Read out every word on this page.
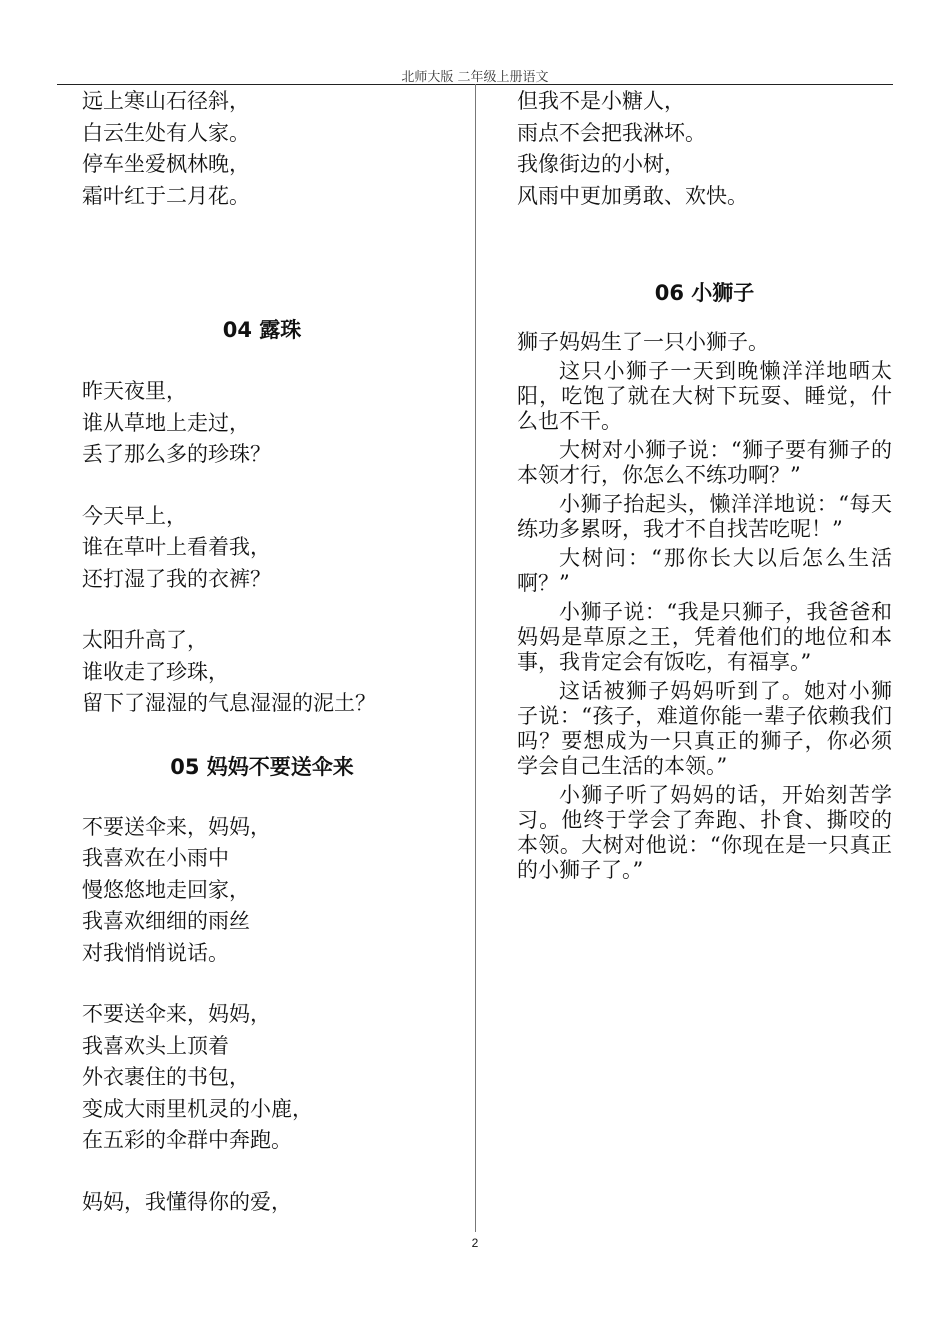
北师大版 二年级上册语文

远上寒山石径斜，

白云生处有人家。

停车坐爱枫林晚，

霜叶红于二月花。

04 露珠

昨天夜里，

谁从草地上走过，

丢了那么多的珍珠？

今天早上，

谁在草叶上看着我，

还打湿了我的衣裤？

太阳升高了，

谁收走了珍珠，

留下了湿湿的气息湿湿的泥土？

05 妈妈不要送伞来

不要送伞来，妈妈，

我喜欢在小雨中

慢悠悠地走回家，

我喜欢细细的雨丝

对我悄悄说话。

不要送伞来，妈妈，

我喜欢头上顶着

外衣裹住的书包，

变成大雨里机灵的小鹿，

在五彩的伞群中奔跑。

妈妈，我懂得你的爱，

但我不是小糖人，

雨点不会把我淋坏。

我像街边的小树，

风雨中更加勇敢、欢快。

06 小狮子

狮子妈妈生了一只小狮子。

这只小狮子一天到晚懒洋洋地晒太阳，吃饱了就在大树下玩耍、睡觉，什么也不干。

大树对小狮子说：“狮子要有狮子的本领才行，你怎么不练功啊？”

小狮子抬起头，懒洋洋地说：“每天练功多累呀，我才不自找苦吃呢！”

大树问：“那你长大以后怎么生活啊？”

小狮子说：“我是只狮子，我爸爸和妈妈是草原之王，凭着他们的地位和本事，我肯定会有饭吃，有福享。”

这话被狮子妈妈听到了。她对小狮子说：“孩子，难道你能一辈子依赖我们吗？要想成为一只真正的狮子，你必须学会自己生活的本领。”

小狮子听了妈妈的话，开始刻苦学习。他终于学会了奔跑、扑食、撕咬的本领。大树对他说：“你现在是一只真正的小狮子了。”

2
